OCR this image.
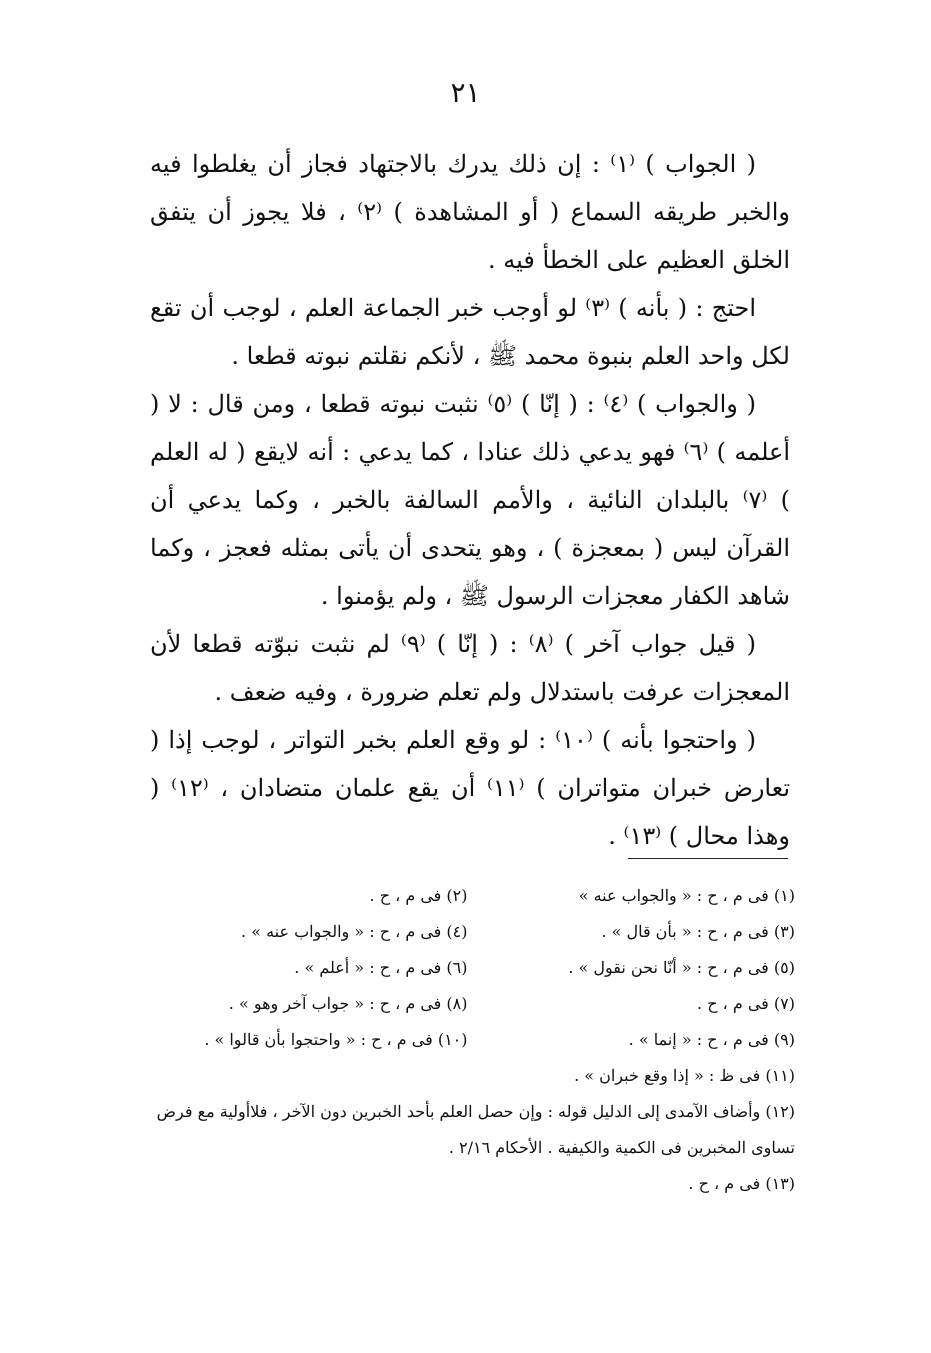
٢١

( الجواب ) ⁽١⁾ : إن ذلك يدرك بالاجتهاد فجاز أن يغلطوا فيه والخبر طريقه السماع ( أو المشاهدة ) ⁽٢⁾ ، فلا يجوز أن يتفق الخلق العظيم على الخطأ فيه .

احتج : ( بأنه ) ⁽٣⁾ لو أوجب خبر الجماعة العلم ، لوجب أن تقع لكل واحد العلم بنبوة محمد ﷺ ، لأنكم نقلتم نبوته قطعا .

( والجواب ) ⁽٤⁾ : ( إنّا ) ⁽٥⁾ نثبت نبوته قطعا ، ومن قال : لا ( أعلمه ) ⁽٦⁾ فهو يدعي ذلك عنادا ، كما يدعي : أنه لايقع ( له العلم ) ⁽٧⁾ بالبلدان النائية ، والأمم السالفة بالخبر ، وكما يدعي أن القرآن ليس ( بمعجزة ) ، وهو يتحدى أن يأتى بمثله فعجز ، وكما شاهد الكفار معجزات الرسول ﷺ ، ولم يؤمنوا .

( قيل جواب آخر ) ⁽٨⁾ : ( إنّا ) ⁽٩⁾ لم نثبت نبوّته قطعا لأن المعجزات عرفت باستدلال ولم تعلم ضرورة ، وفيه ضعف .

( واحتجوا بأنه ) ⁽١٠⁾ : لو وقع العلم بخبر التواتر ، لوجب إذا ( تعارض خبران متواتران ) ⁽١١⁾ أن يقع علمان متضادان ، ⁽١٢⁾ ( وهذا محال ) ⁽١٣⁾ .

(١) فى م ، ح : « والجواب عنه »
(٢) فى م ، ح .
(٣) فى م ، ح : « بأن قال » .
(٤) فى م ، ح : « والجواب عنه » .
(٥) فى م ، ح : « أنّا نحن نقول » .
(٦) فى م ، ح : « أعلم » .
(٧) فى م ، ح .
(٨) فى م ، ح : « جواب آخر وهو » .
(٩) فى م ، ح : « إنما » .
(١٠) فى م ، ح : « واحتجوا بأن قالوا » .
(١١) فى ظ : « إذا وقع خبران » .
(١٢) وأضاف الآمدى إلى الدليل قوله : وإن حصل العلم بأحد الخبرين دون الآخر ، فلاأولية مع فرض تساوى المخبرين فى الكمية والكيفية . الأحكام ٢/١٦ .
(١٣) فى م ، ح .
